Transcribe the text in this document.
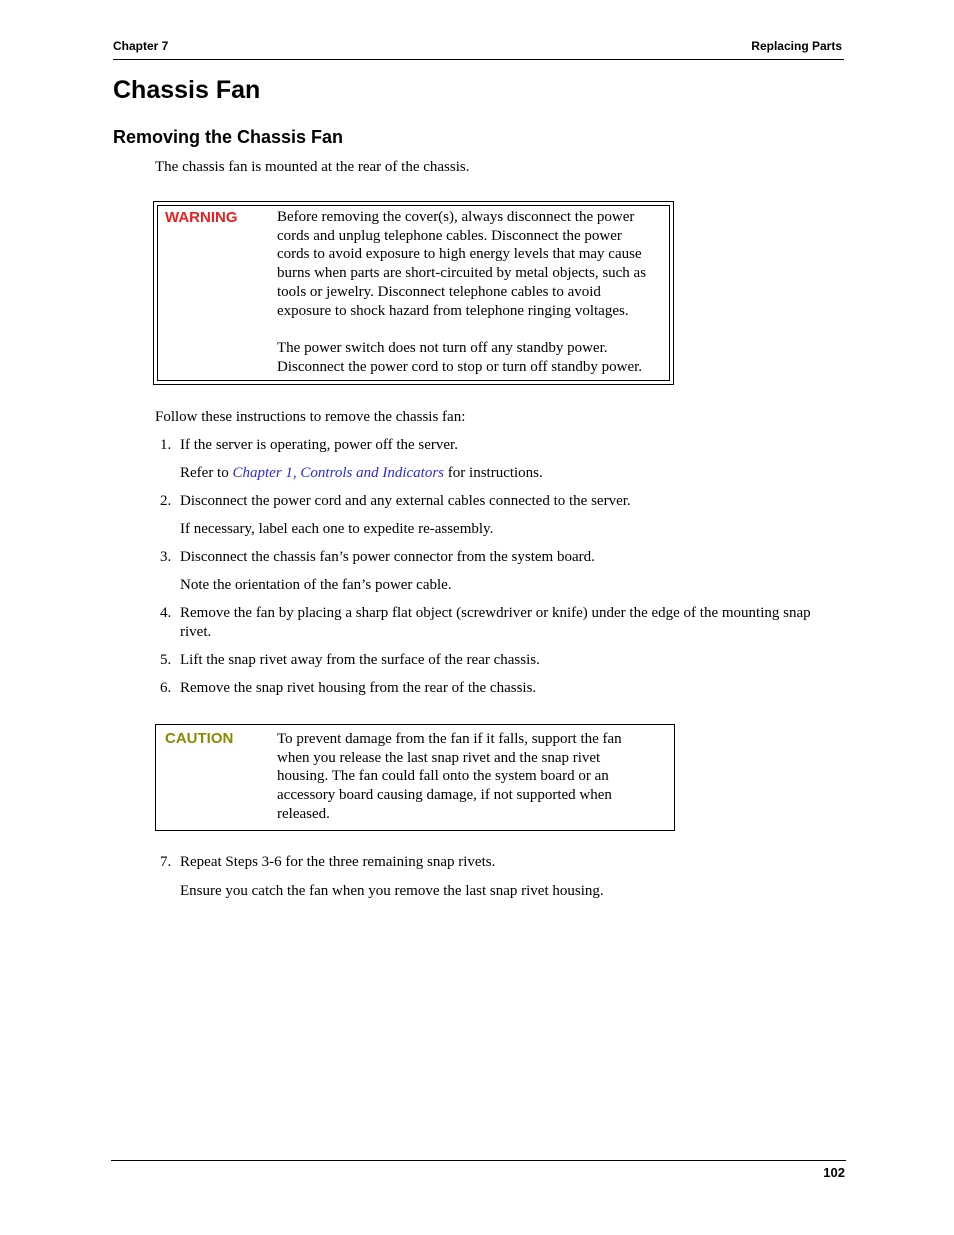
Chapter 7	Replacing Parts
Chassis Fan
Removing the Chassis Fan
The chassis fan is mounted at the rear of the chassis.
WARNING	Before removing the cover(s), always disconnect the power
cords and unplug telephone cables. Disconnect the power
cords to avoid exposure to high energy levels that may cause
burns when parts are short-circuited by metal objects, such as
tools or jewelry. Disconnect telephone cables to avoid
exposure to shock hazard from telephone ringing voltages.
The power switch does not turn off any standby power.
Disconnect the power cord to stop or turn off standby power.
Follow these instructions to remove the chassis fan:
1. If the server is operating, power off the server.
Refer to Chapter 1, Controls and Indicators for instructions.
2. Disconnect the power cord and any external cables connected to the server.
If necessary, label each one to expedite re-assembly.
3. Disconnect the chassis fan’s power connector from the system board.
Note the orientation of the fan’s power cable.
4. Remove the fan by placing a sharp flat object (screwdriver or knife) under the edge of the mounting snap
rivet.
5. Lift the snap rivet away from the surface of the rear chassis.
6. Remove the snap rivet housing from the rear of the chassis.
CAUTION	To prevent damage from the fan if it falls, support the fan
when you release the last snap rivet and the snap rivet
housing. The fan could fall onto the system board or an
accessory board causing damage, if not supported when
released.
7. Repeat Steps 3-6 for the three remaining snap rivets.
Ensure you catch the fan when you remove the last snap rivet housing.
102
